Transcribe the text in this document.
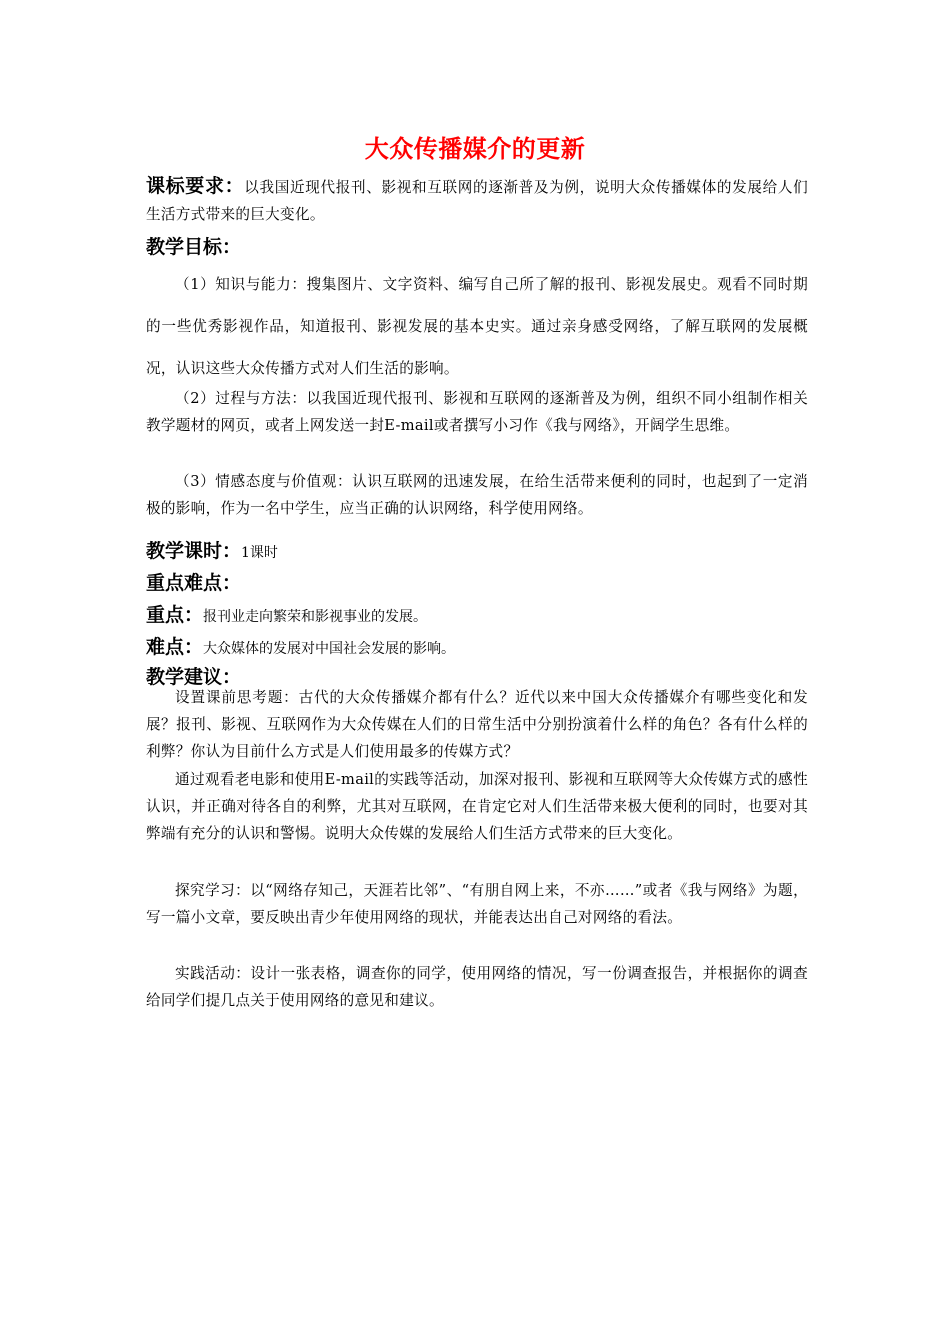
大众传播媒介的更新

课标要求：以我国近现代报刊、影视和互联网的逐渐普及为例，说明大众传播媒体的发展给人们生活方式带来的巨大变化。

教学目标：

（1）知识与能力：搜集图片、文字资料、编写自己所了解的报刊、影视发展史。观看不同时期的一些优秀影视作品，知道报刊、影视发展的基本史实。通过亲身感受网络，了解互联网的发展概况，认识这些大众传播方式对人们生活的影响。

（2）过程与方法：以我国近现代报刊、影视和互联网的逐渐普及为例，组织不同小组制作相关教学题材的网页，或者上网发送一封E-mail或者撰写小习作《我与网络》，开阔学生思维。

（3）情感态度与价值观：认识互联网的迅速发展，在给生活带来便利的同时，也起到了一定消极的影响，作为一名中学生，应当正确的认识网络，科学使用网络。

教学课时：1课时
重点难点：
重点：报刊业走向繁荣和影视事业的发展。
难点：大众媒体的发展对中国社会发展的影响。
教学建议：

设置课前思考题：古代的大众传播媒介都有什么？近代以来中国大众传播媒介有哪些变化和发展？报刊、影视、互联网作为大众传媒在人们的日常生活中分别扮演着什么样的角色？各有什么样的利弊？你认为目前什么方式是人们使用最多的传媒方式？

通过观看老电影和使用E-mail的实践等活动，加深对报刊、影视和互联网等大众传媒方式的感性认识，并正确对待各自的利弊，尤其对互联网，在肯定它对人们生活带来极大便利的同时，也要对其弊端有充分的认识和警惕。说明大众传媒的发展给人们生活方式带来的巨大变化。

探究学习：以“网络存知己，天涯若比邻”、“有朋自网上来，不亦……”或者《我与网络》为题，写一篇小文章，要反映出青少年使用网络的现状，并能表达出自己对网络的看法。

实践活动：设计一张表格，调查你的同学，使用网络的情况，写一份调查报告，并根据你的调查给同学们提几点关于使用网络的意见和建议。
